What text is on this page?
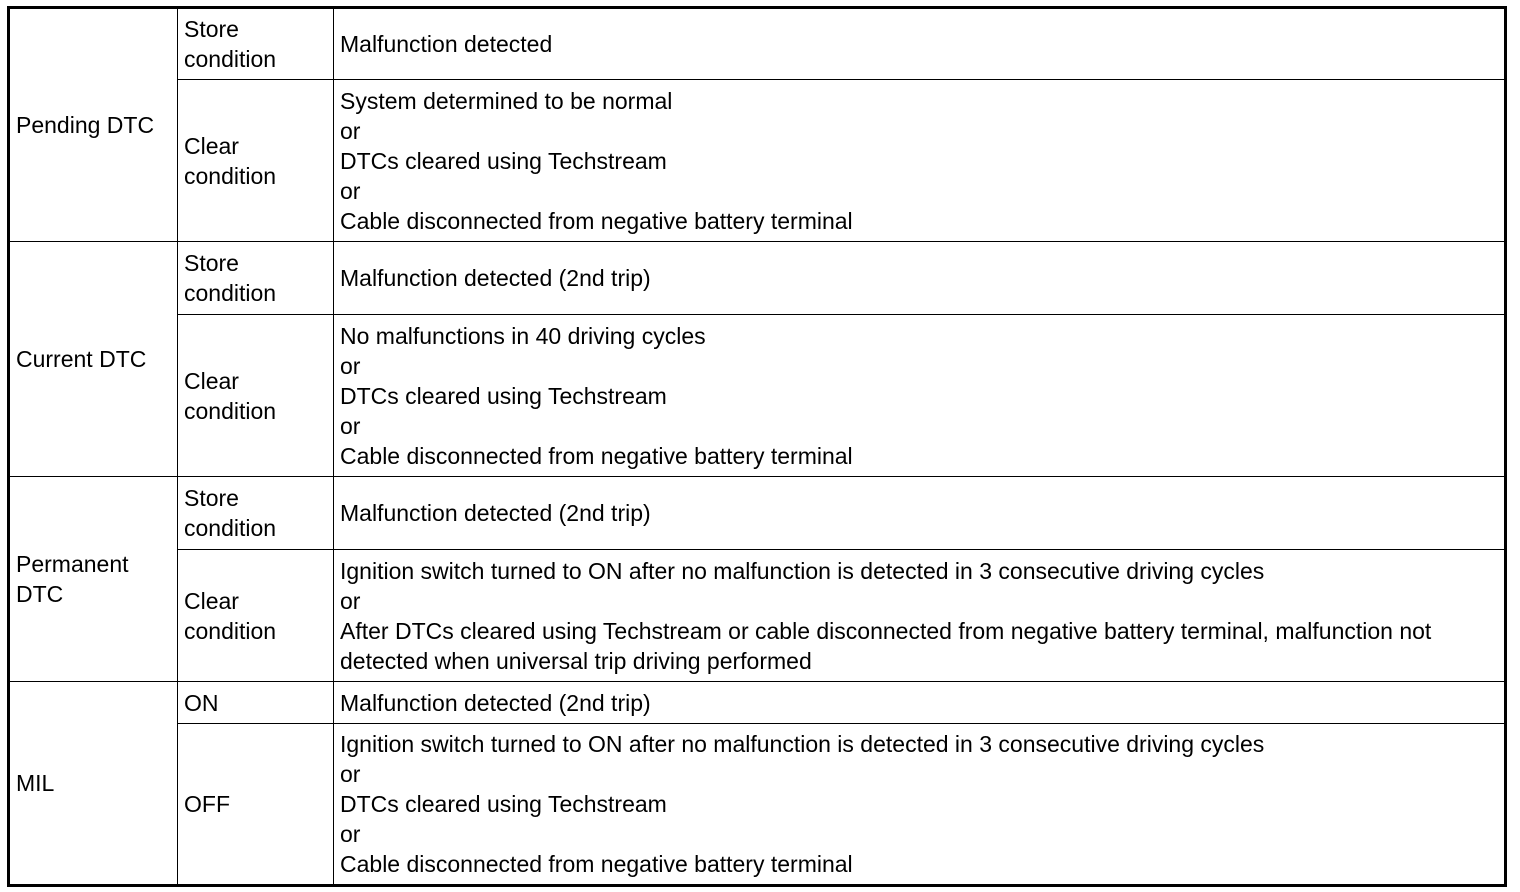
Pending DTC	Store condition	Malfunction detected

	Clear condition	System determined to be normal
or
DTCs cleared using Techstream
or
Cable disconnected from negative battery terminal

Current DTC	Store condition	Malfunction detected (2nd trip)

	Clear condition	No malfunctions in 40 driving cycles
or
DTCs cleared using Techstream
or
Cable disconnected from negative battery terminal

Permanent DTC	Store condition	Malfunction detected (2nd trip)

	Clear condition	Ignition switch turned to ON after no malfunction is detected in 3 consecutive driving cycles
or
After DTCs cleared using Techstream or cable disconnected from negative battery terminal, malfunction not detected when universal trip driving performed

MIL	ON	Malfunction detected (2nd trip)

	OFF	Ignition switch turned to ON after no malfunction is detected in 3 consecutive driving cycles
or
DTCs cleared using Techstream
or
Cable disconnected from negative battery terminal
